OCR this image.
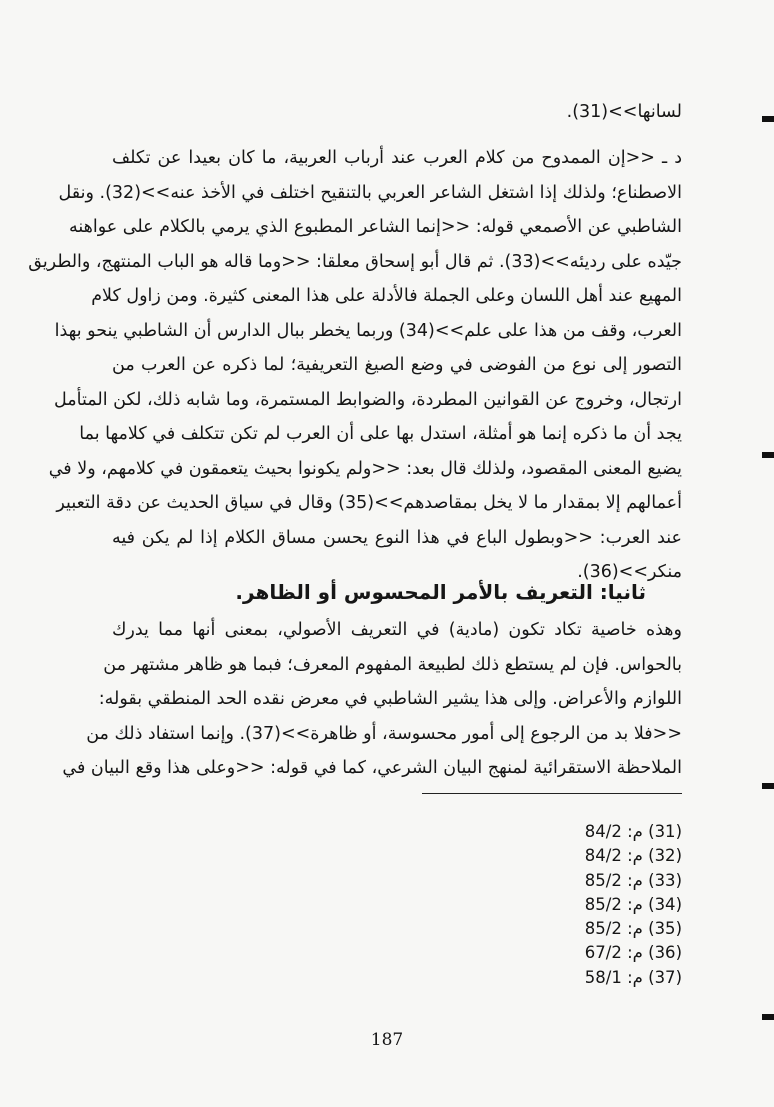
لسانها>>(31).
د ـ <<إن الممدوح من كلام العرب عند أرباب العربية، ما كان بعيدا عن تكلف
الاصطناع؛ ولذلك إذا اشتغل الشاعر العربي بالتنقيح اختلف في الأخذ عنه>>(32). ونقل
الشاطبي عن الأصمعي قوله: <<إنما الشاعر المطبوع الذي يرمي بالكلام على عواهنه
جيّده على رديئه>>(33). ثم قال أبو إسحاق معلقا: <<وما قاله هو الباب المنتهج، والطريق
المهيع عند أهل اللسان وعلى الجملة فالأدلة على هذا المعنى كثيرة. ومن زاول كلام
العرب، وقف من هذا على علم>>(34) وربما يخطر ببال الدارس أن الشاطبي ينحو بهذا
التصور إلى نوع من الفوضى في وضع الصيغ التعريفية؛ لما ذكره عن العرب من
ارتجال، وخروج عن القوانين المطردة، والضوابط المستمرة، وما شابه ذلك، لكن المتأمل
يجد أن ما ذكره إنما هو أمثلة، استدل بها على أن العرب لم تكن تتكلف في كلامها بما
يضيع المعنى المقصود، ولذلك قال بعد: <<ولم يكونوا بحيث يتعمقون في كلامهم، ولا في
أعمالهم إلا بمقدار ما لا يخل بمقاصدهم>>(35) وقال في سياق الحديث عن دقة التعبير
عند العرب: <<وبطول الباع في هذا النوع يحسن مساق الكلام إذا لم يكن فيه
منكر>>(36).
ثانيا: التعريف بالأمر المحسوس أو الظاهر.
وهذه خاصية تكاد تكون (مادية) في التعريف الأصولي، بمعنى أنها مما يدرك
بالحواس. فإن لم يستطع ذلك لطبيعة المفهوم المعرف؛ فبما هو ظاهر مشتهر من
اللوازم والأعراض. وإلى هذا يشير الشاطبي في معرض نقده الحد المنطقي بقوله:
<<فلا بد من الرجوع إلى أمور محسوسة، أو ظاهرة>>(37). وإنما استفاد ذلك من
الملاحظة الاستقرائية لمنهج البيان الشرعي، كما في قوله: <<وعلى هذا وقع البيان في
(31) م: 84/2
(32) م: 84/2
(33) م: 85/2
(34) م: 85/2
(35) م: 85/2
(36) م: 67/2
(37) م: 58/1
187
